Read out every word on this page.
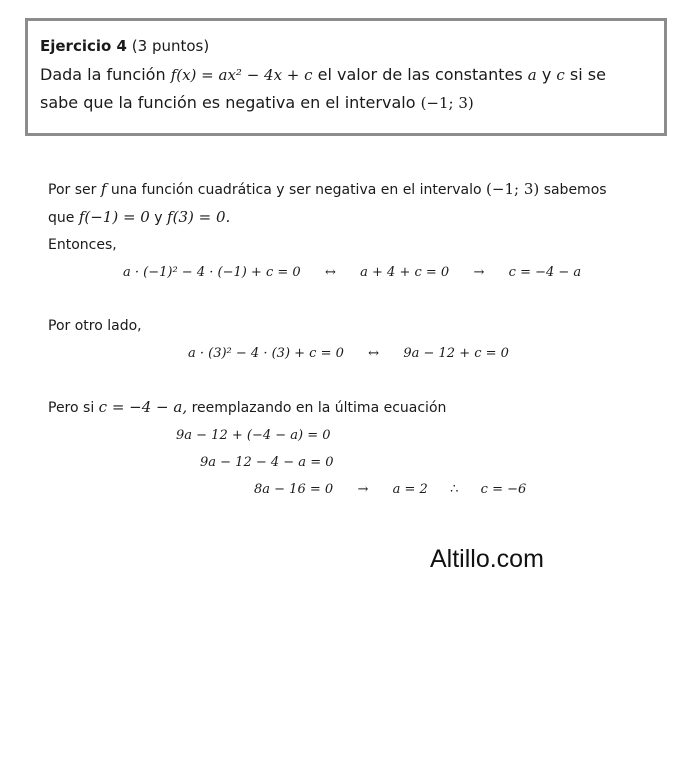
Ejercicio 4 (3 puntos)

Dada la función f(x) = ax² − 4x + c el valor de las constantes a y c si se

sabe que la función es negativa en el intervalo (−1; 3)

Por ser f una función cuadrática y ser negativa en el intervalo (−1; 3) sabemos

que f(−1) = 0 y f(3) = 0.

Entonces,

a · (−1)² − 4 · (−1) + c = 0 ↔ a + 4 + c = 0 → c = −4 − a

Por otro lado,

a · (3)² − 4 · (3) + c = 0 ↔ 9a − 12 + c = 0

Pero si c = −4 − a, reemplazando en la última ecuación

9a − 12 + (−4 − a) = 0

9a − 12 − 4 − a = 0

8a − 16 = 0 → a = 2 ∴ c = −6

Altillo.com
